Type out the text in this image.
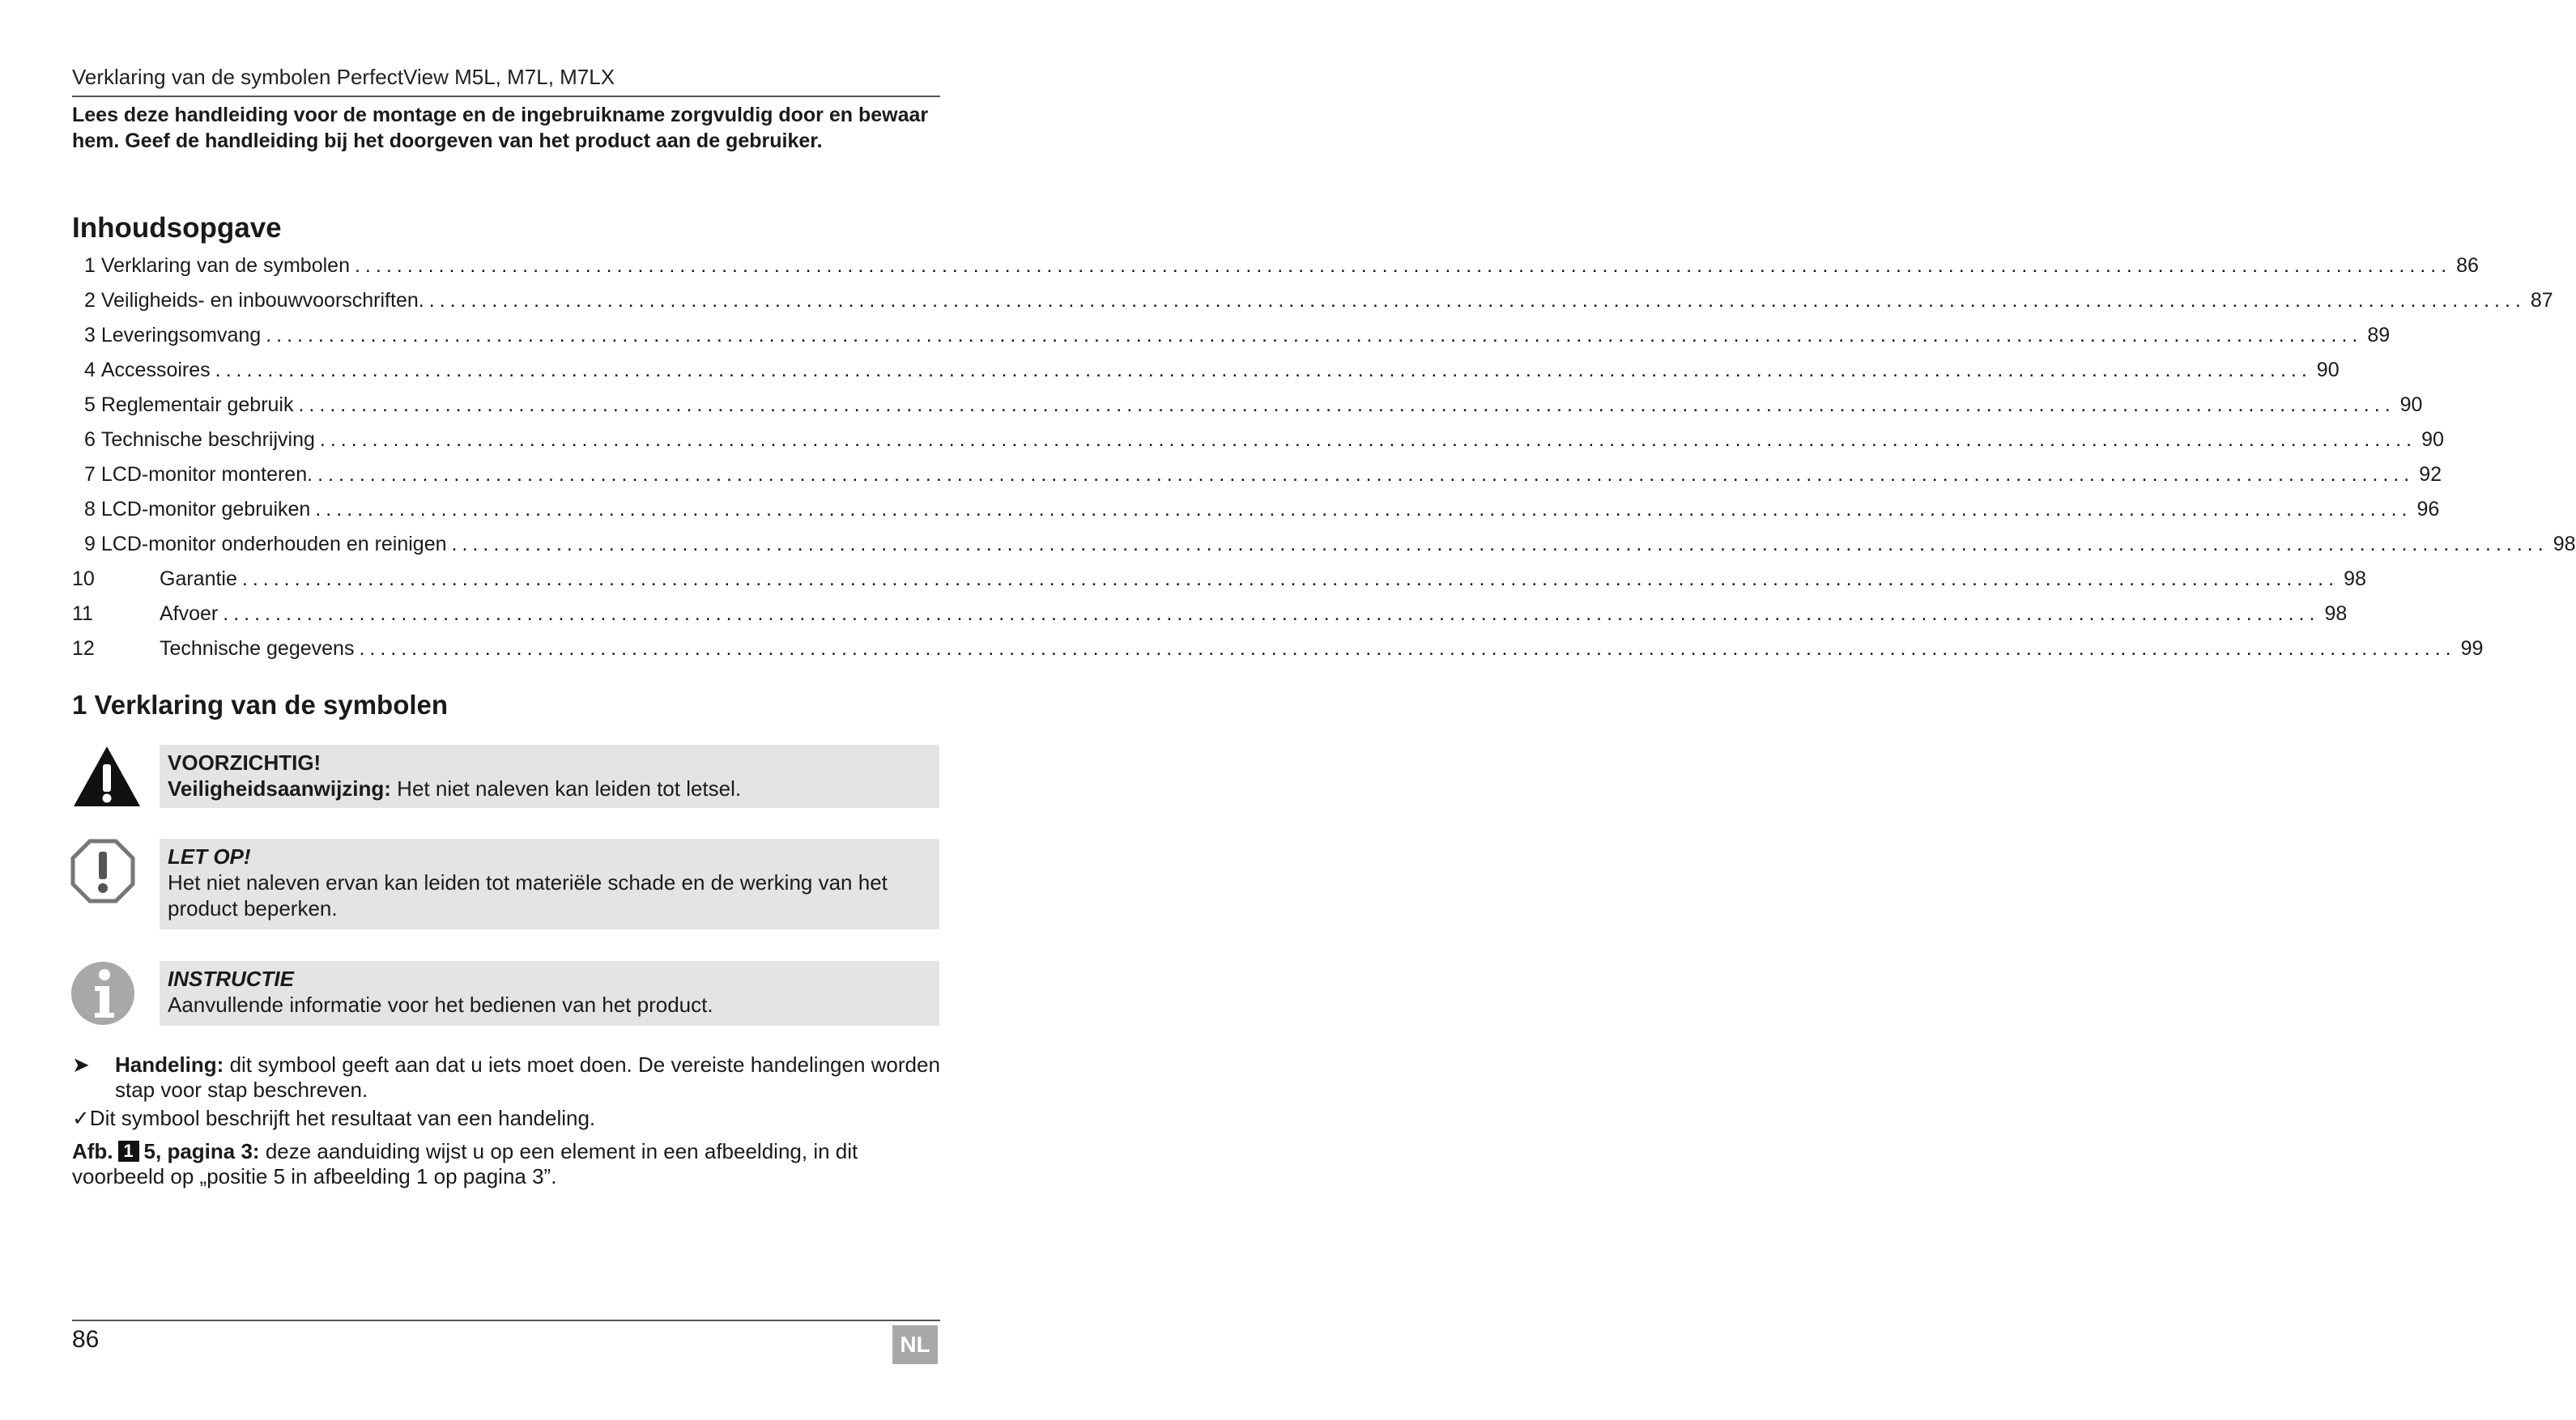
Verklaring van de symbolen PerfectView M5L, M7L, M7LX
Lees deze handleiding voor de montage en de ingebruikname zorgvuldig door en bewaar hem. Geef de handleiding bij het doorgeven van het product aan de gebruiker.
Inhoudsopgave
1 Verklaring van de symbolen ........................................................................................................................................................................................................ 86
2 Veiligheids- en inbouwvoorschriften. ........................................................................................................................................................................................................ 87
3 Leveringsomvang ........................................................................................................................................................................................................ 89
4 Accessoires ........................................................................................................................................................................................................ 90
5 Reglementair gebruik ........................................................................................................................................................................................................ 90
6 Technische beschrijving ........................................................................................................................................................................................................ 90
7 LCD-monitor monteren. ........................................................................................................................................................................................................ 92
8 LCD-monitor gebruiken ........................................................................................................................................................................................................ 96
9 LCD-monitor onderhouden en reinigen ........................................................................................................................................................................................................ 98
10	Garantie ........................................................................................................................................................................................................ 98
11	Afvoer ........................................................................................................................................................................................................ 98
12	Technische gegevens ........................................................................................................................................................................................................ 99
1 Verklaring van de symbolen
VOORZICHTIG!
Veiligheidsaanwijzing: Het niet naleven kan leiden tot letsel.
LET OP!
Het niet naleven ervan kan leiden tot materiële schade en de werking van het product beperken.
INSTRUCTIE
Aanvullende informatie voor het bedienen van het product.
➤ Handeling: dit symbool geeft aan dat u iets moet doen. De vereiste handelingen worden stap voor stap beschreven.
✓Dit symbool beschrijft het resultaat van een handeling.
Afb. 1 5, pagina 3: deze aanduiding wijst u op een element in een afbeelding, in dit voorbeeld op „positie 5 in afbeelding 1 op pagina 3”.
86	NL
